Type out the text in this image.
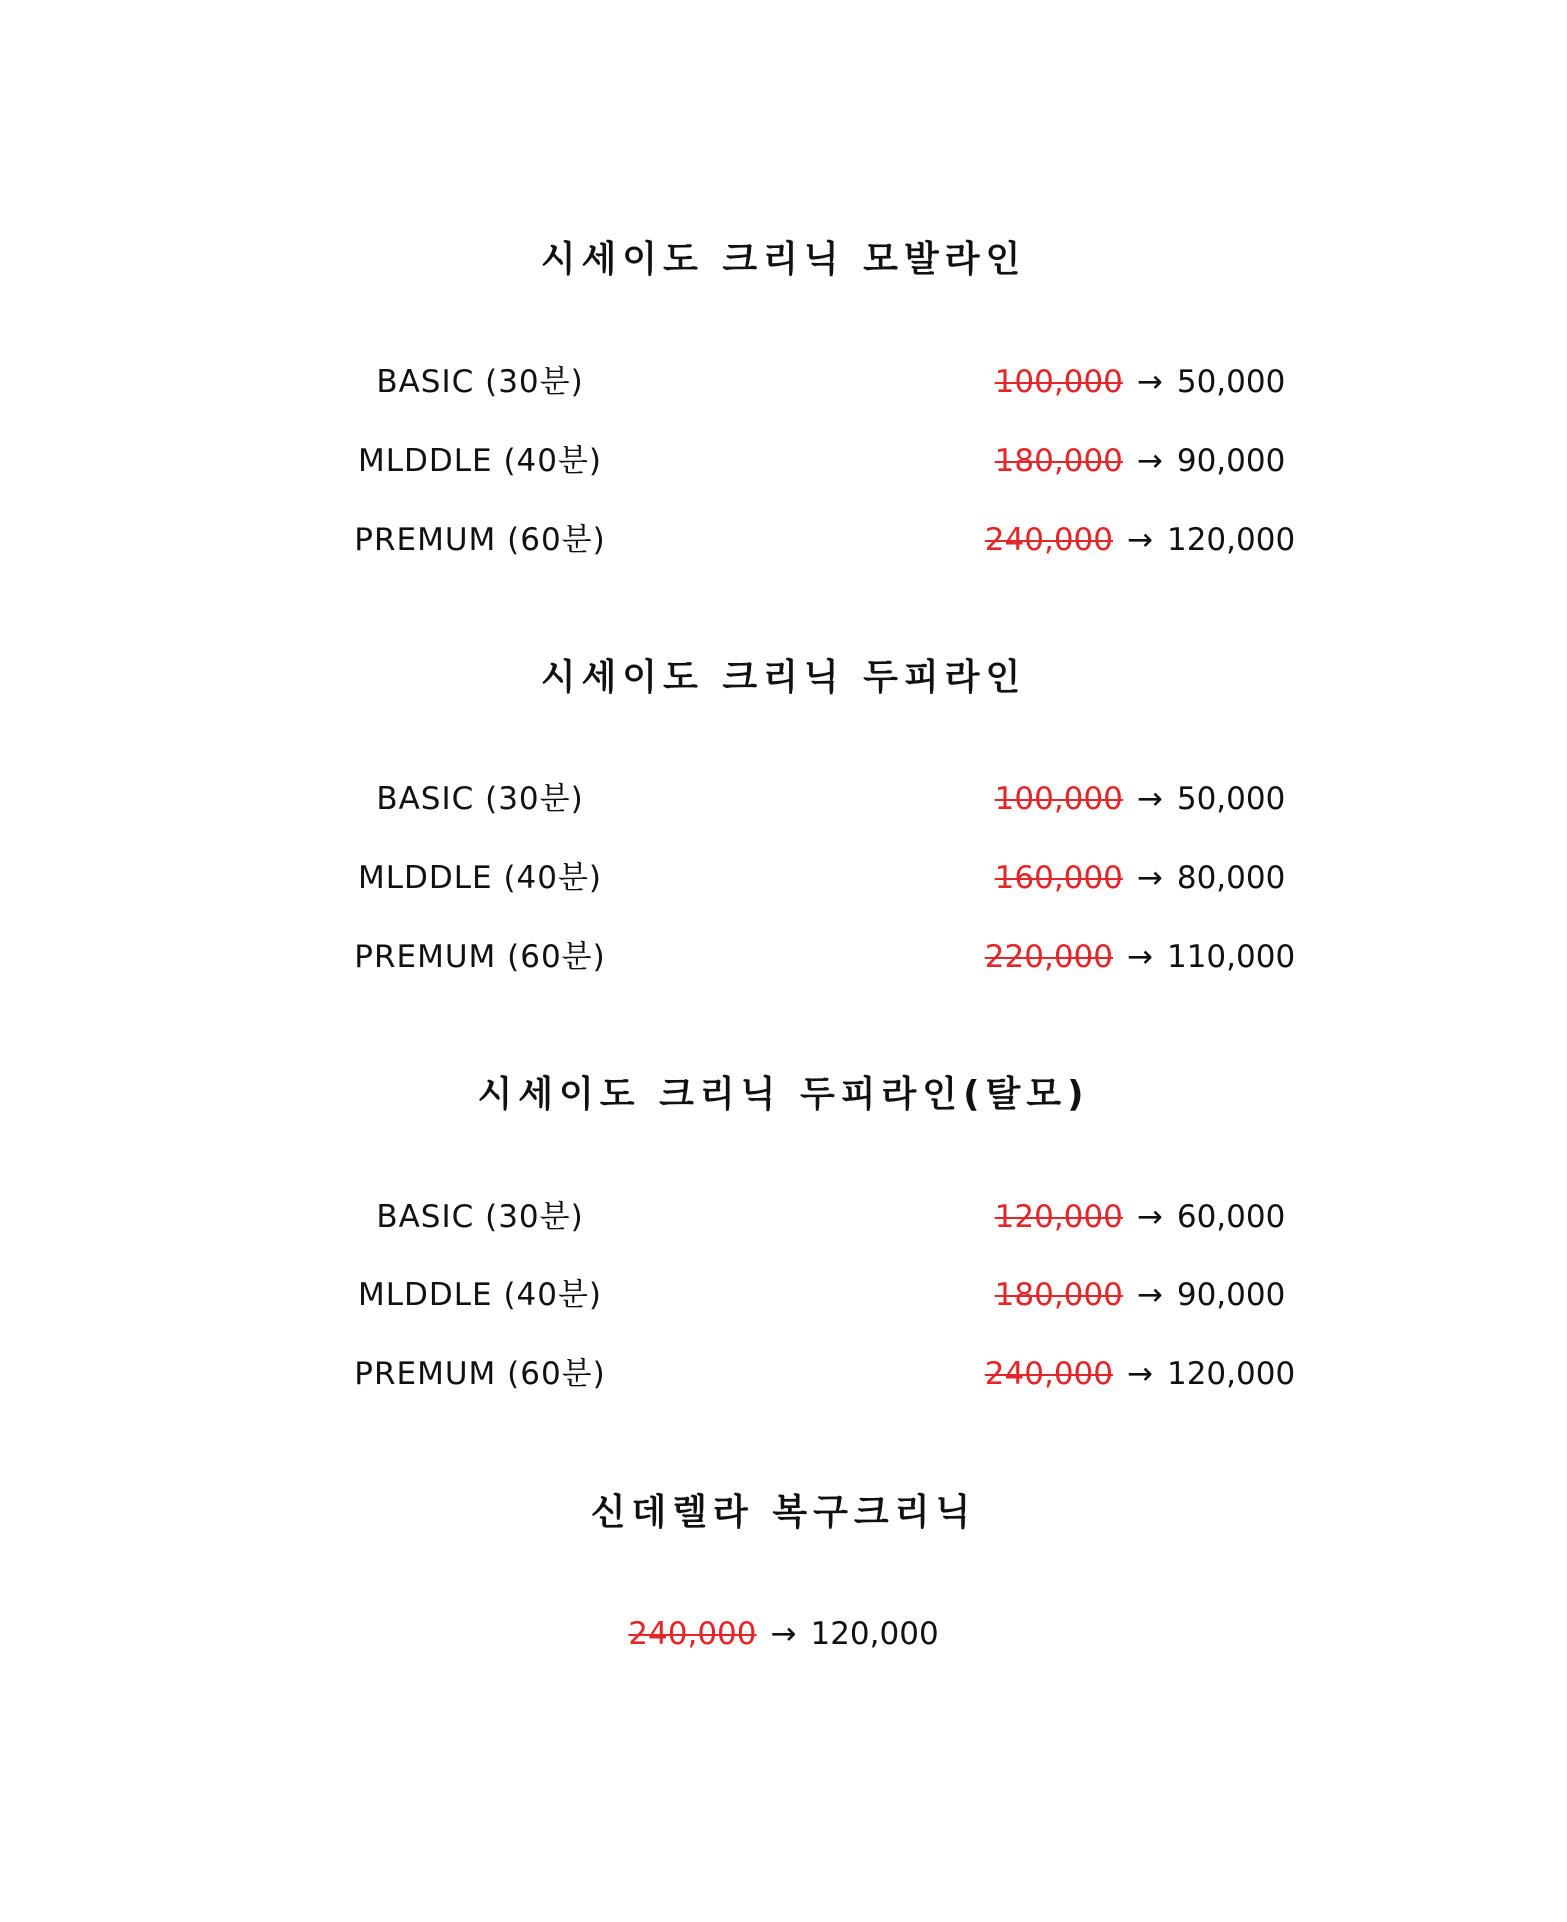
시세이도 크리닉 모발라인
BASIC (30분)	100,000 → 50,000
MLDDLE (40분)	180,000 → 90,000
PREMUM (60분)	240,000 → 120,000
시세이도 크리닉 두피라인
BASIC (30분)	100,000 → 50,000
MLDDLE (40분)	160,000 → 80,000
PREMUM (60분)	220,000 → 110,000
시세이도 크리닉 두피라인(탈모)
BASIC (30분)	120,000 → 60,000
MLDDLE (40분)	180,000 → 90,000
PREMUM (60분)	240,000 → 120,000
신데렐라 복구크리닉
240,000 → 120,000
